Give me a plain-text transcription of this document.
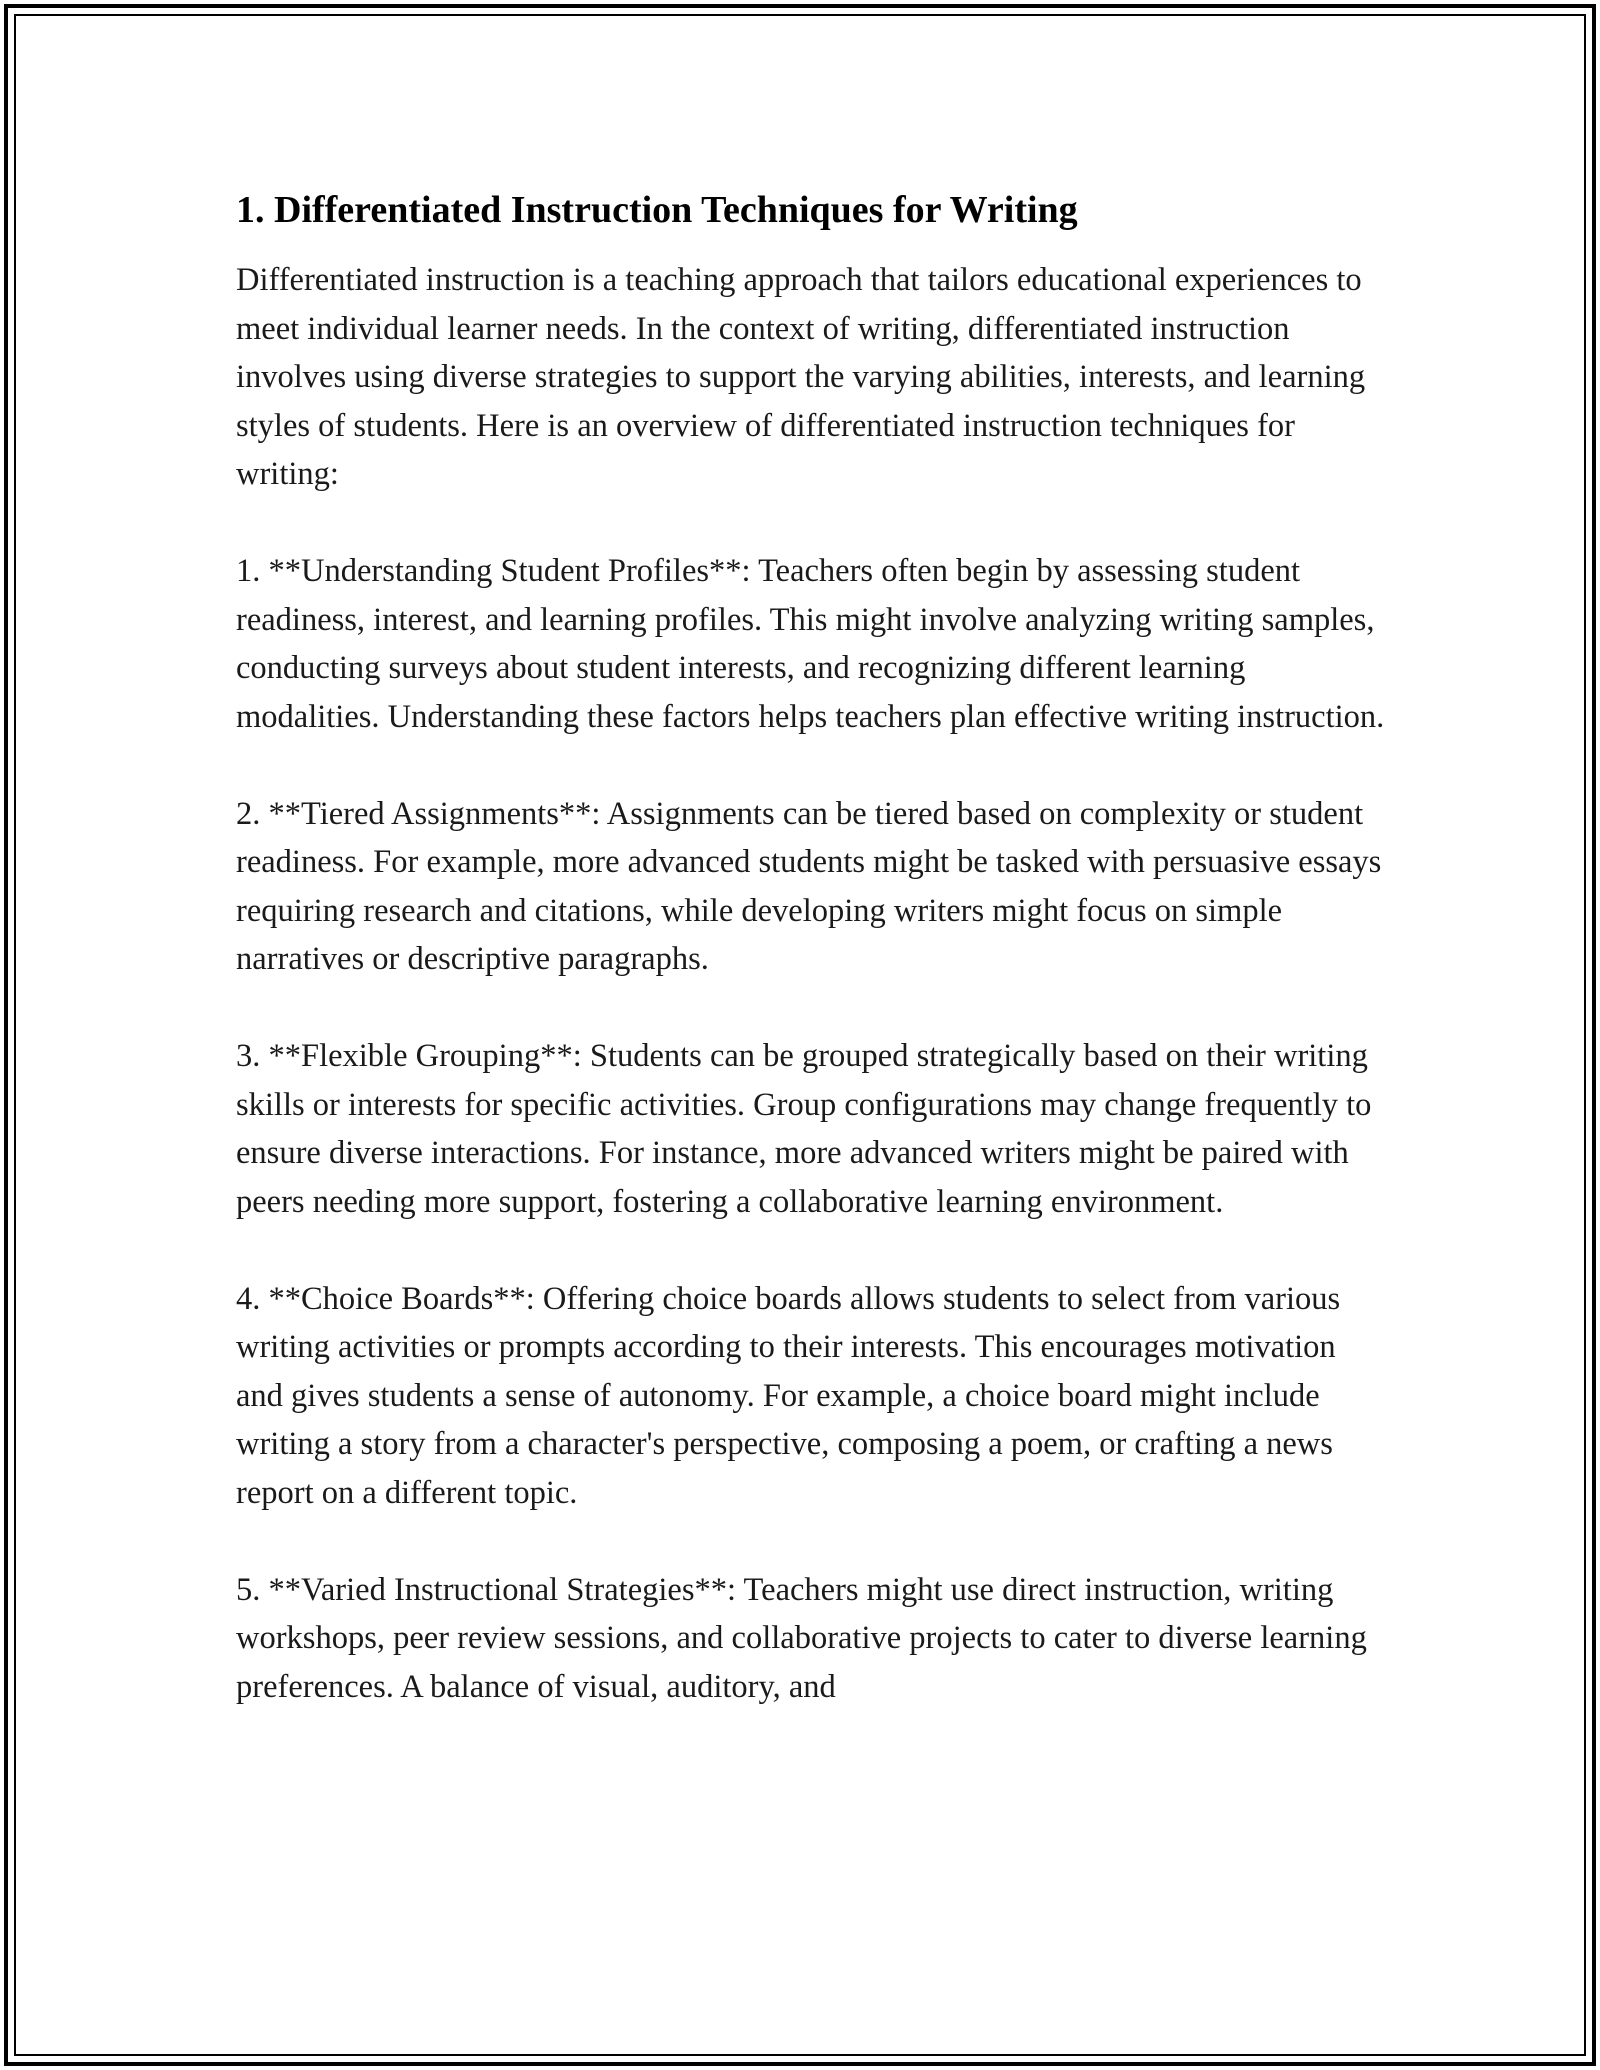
1. Differentiated Instruction Techniques for Writing

Differentiated instruction is a teaching approach that tailors educational experiences to meet individual learner needs. In the context of writing, differentiated instruction involves using diverse strategies to support the varying abilities, interests, and learning styles of students. Here is an overview of differentiated instruction techniques for writing:

1. **Understanding Student Profiles**: Teachers often begin by assessing student readiness, interest, and learning profiles. This might involve analyzing writing samples, conducting surveys about student interests, and recognizing different learning modalities. Understanding these factors helps teachers plan effective writing instruction.

2. **Tiered Assignments**: Assignments can be tiered based on complexity or student readiness. For example, more advanced students might be tasked with persuasive essays requiring research and citations, while developing writers might focus on simple narratives or descriptive paragraphs.

3. **Flexible Grouping**: Students can be grouped strategically based on their writing skills or interests for specific activities. Group configurations may change frequently to ensure diverse interactions. For instance, more advanced writers might be paired with peers needing more support, fostering a collaborative learning environment.

4. **Choice Boards**: Offering choice boards allows students to select from various writing activities or prompts according to their interests. This encourages motivation and gives students a sense of autonomy. For example, a choice board might include writing a story from a character's perspective, composing a poem, or crafting a news report on a different topic.

5. **Varied Instructional Strategies**: Teachers might use direct instruction, writing workshops, peer review sessions, and collaborative projects to cater to diverse learning preferences. A balance of visual, auditory, and
